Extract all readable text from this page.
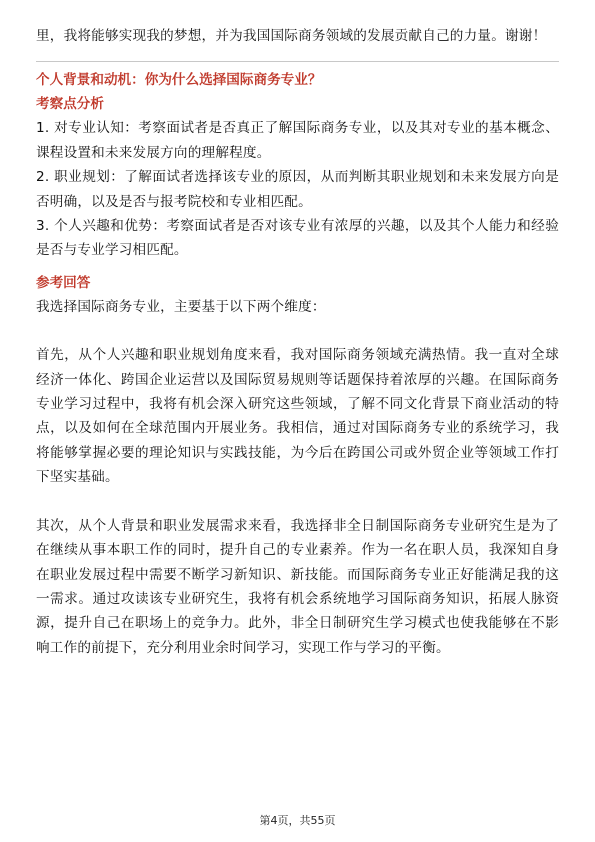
里，我将能够实现我的梦想，并为我国国际商务领域的发展贡献自己的力量。谢谢！

个人背景和动机：你为什么选择国际商务专业？
考察点分析

1. 对专业认知：考察面试者是否真正了解国际商务专业，以及其对专业的基本概念、课程设置和未来发展方向的理解程度。

2. 职业规划：了解面试者选择该专业的原因，从而判断其职业规划和未来发展方向是否明确，以及是否与报考院校和专业相匹配。

3. 个人兴趣和优势：考察面试者是否对该专业有浓厚的兴趣，以及其个人能力和经验是否与专业学习相匹配。

参考回答

我选择国际商务专业，主要基于以下两个维度：

首先，从个人兴趣和职业规划角度来看，我对国际商务领域充满热情。我一直对全球经济一体化、跨国企业运营以及国际贸易规则等话题保持着浓厚的兴趣。在国际商务专业学习过程中，我将有机会深入研究这些领域，了解不同文化背景下商业活动的特点，以及如何在全球范围内开展业务。我相信，通过对国际商务专业的系统学习，我将能够掌握必要的理论知识与实践技能，为今后在跨国公司或外贸企业等领域工作打下坚实基础。

其次，从个人背景和职业发展需求来看，我选择非全日制国际商务专业研究生是为了在继续从事本职工作的同时，提升自己的专业素养。作为一名在职人员，我深知自身在职业发展过程中需要不断学习新知识、新技能。而国际商务专业正好能满足我的这一需求。通过攻读该专业研究生，我将有机会系统地学习国际商务知识，拓展人脉资源，提升自己在职场上的竞争力。此外，非全日制研究生学习模式也使我能够在不影响工作的前提下，充分利用业余时间学习，实现工作与学习的平衡。

第4页，共55页
